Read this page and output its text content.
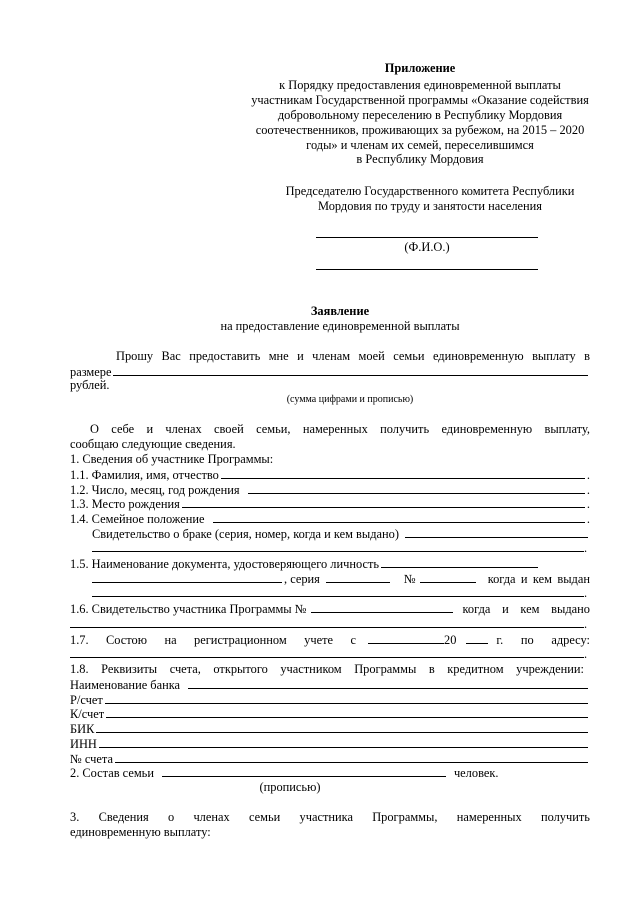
Приложение
к Порядку предоставления единовременной выплаты
участникам Государственной программы «Оказание содействия
добровольному переселению в Республику Мордовия
соотечественников, проживающих за рубежом, на 2015 – 2020
годы» и членам их семей, переселившимся
в Республику Мордовия
Председателю Государственного комитета Республики
Мордовия по труду и занятости населения
(Ф.И.О.)
Заявление
на предоставление единовременной выплаты
Прошу Вас предоставить мне и членам моей семьи единовременную выплату в
размере
рублей.
(сумма цифрами и прописью)
О себе и членах своей семьи, намеренных получить единовременную выплату,
сообщаю следующие сведения.
1. Сведения об участнике Программы:
1.1. Фамилия, имя, отчество	.
1.2. Число, месяц, год рождения	.
1.3. Место рождения	.
1.4. Семейное положение	.
Свидетельство о браке (серия, номер, когда и кем выдано)
.
1.5. Наименование документа, удостоверяющего личность
, серия	№	когда и кем выдан
.
1.6. Свидетельство участника Программы №	когда и кем выдано
.
1.7. Состою на регистрационном учете с	20	г. по адресу:
.
1.8. Реквизиты счета, открытого участником Программы в кредитном учреждении:
Наименование банка
Р/счет
К/счет
БИК
ИНН
№ счета
2. Состав семьи	человек.
(прописью)
3. Сведения о членах семьи участника Программы, намеренных получить
единовременную выплату:
